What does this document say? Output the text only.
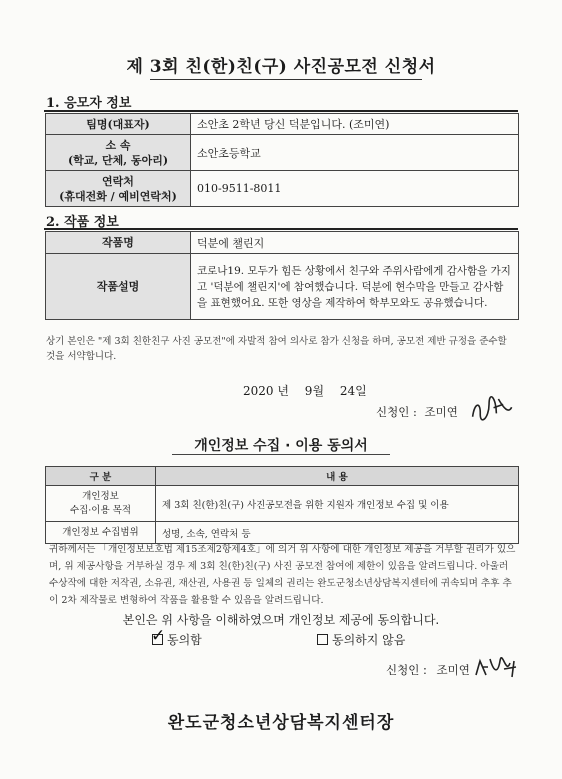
제 3회 친(한)친(구) 사진공모전 신청서
1. 응모자 정보
팀명(대표자)	소안초 2학년 당신 덕분입니다. (조미연)

소 속
(학교, 단체, 동아리)	소안초등학교

연락처
(휴대전화 / 예비연락처)	010-9511-8011
2. 작품 정보
작품명	덕분에 챌린지
작품설명	코로나19. 모두가 힘든 상황에서 친구와 주위사람에게 감사함을 가지고 '덕분에 챌린지'에 참여했습니다. 덕분에 현수막을 만들고 감사함을 표현했어요. 또한 영상을 제작하여 학부모와도 공유했습니다.
상기 본인은 "제 3회 친한친구 사진 공모전"에 자발적 참여 의사로 참가 신청을 하며, 공모전 제반 규정을 준수할 것을 서약합니다.
2020 년 9월 24일
신청인 : 조미연
개인정보 수집 · 이용 동의서
구 분	내 용

개인정보
수집·이용 목적	제 3회 친(한)친(구) 사진공모전을 위한 지원자 개인정보 수집 및 이용
개인정보 수집범위	성명, 소속, 연락처 등
귀하께서는 「개인정보보호법 제15조제2항제4호」에 의거 위 사항에 대한 개인정보 제공을 거부할 권리가 있으며, 위 제공사항을 거부하실 경우 제 3회 친(한)친(구) 사진 공모전 참여에 제한이 있음을 알려드립니다. 아울러 수상작에 대한 저작권, 소유권, 재산권, 사용권 등 일체의 권리는 완도군청소년상담복지센터에 귀속되며 추후 추이 2차 제작물로 변형하여 작품을 활용할 수 있음을 알려드립니다.
본인은 위 사항을 이해하였으며 개인정보 제공에 동의합니다.
✓ 동의함	동의하지 않음
신청인 : 조미연
완도군청소년상담복지센터장
